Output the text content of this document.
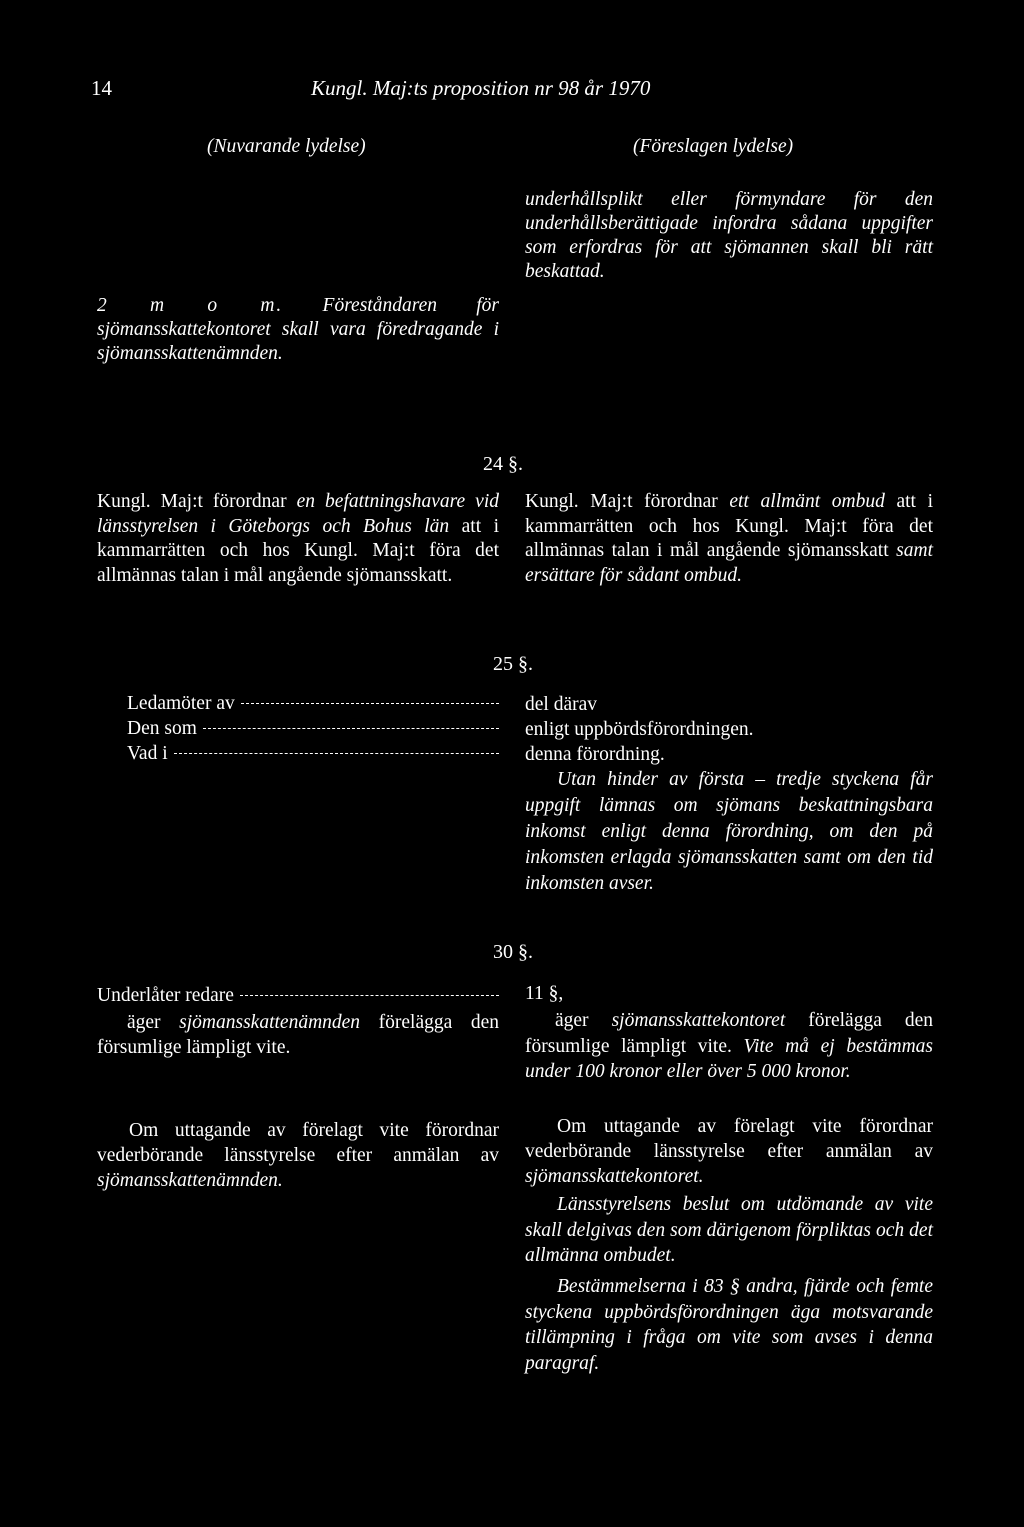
14	Kungl. Maj:ts proposition nr 98 år 1970
(Nuvarande lydelse)	(Föreslagen lydelse)

underhållsplikt eller förmyndare för den underhållsberättigade infordra sådana uppgifter som erfordras för att sjömannen skall bli rätt beskattad.

2 m o m. Föreståndaren för sjömansskattekontoret skall vara föredragande i sjömansskattenämnden.

24 §.

Kungl. Maj:t förordnar en befattningshavare vid länsstyrelsen i Göteborgs och Bohus län att i kammarrätten och hos Kungl. Maj:t föra det allmännas talan i mål angående sjömansskatt.

Kungl. Maj:t förordnar ett allmänt ombud att i kammarrätten och hos Kungl. Maj:t föra det allmännas talan i mål angående sjömansskatt samt ersättare för sådant ombud.

25 §.
Ledamöter av
Den som
Vad i
del därav
enligt uppbördsförordningen.
denna förordning.

Utan hinder av första – tredje styckena får uppgift lämnas om sjömans beskattningsbara inkomst enligt denna förordning, om den på inkomsten erlagda sjömansskatten samt om den tid inkomsten avser.

30 §.
Underlåter redare

äger sjömansskattenämnden förelägga den försumlige lämpligt vite.

Om uttagande av förelagt vite förordnar vederbörande länsstyrelse efter anmälan av sjömansskattenämnden.

11 §,

äger sjömansskattekontoret förelägga den försumlige lämpligt vite. Vite må ej bestämmas under 100 kronor eller över 5 000 kronor.

Om uttagande av förelagt vite förordnar vederbörande länsstyrelse efter anmälan av sjömansskattekontoret.

Länsstyrelsens beslut om utdömande av vite skall delgivas den som därigenom förpliktas och det allmänna ombudet.

Bestämmelserna i 83 § andra, fjärde och femte styckena uppbördsförordningen äga motsvarande tillämpning i fråga om vite som avses i denna paragraf.
